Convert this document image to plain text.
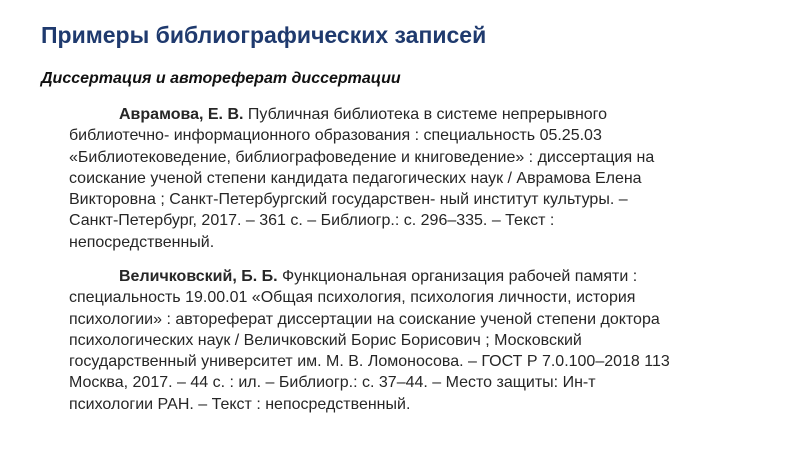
Примеры библиографических записей
Диссертация и автореферат диссертации
Аврамова, Е. В. Публичная библиотека в системе непрерывного
библиотечно- информационного образования : специальность 05.25.03
«Библиотековедение, библиографоведение и книговедение» : диссертация на
соискание ученой степени кандидата педагогических наук / Аврамова Елена
Викторовна ; Санкт-Петербургский государствен- ный институт культуры. –
Санкт-Петербург, 2017. – 361 с. – Библиогр.: с. 296–335. – Текст :
непосредственный.
Величковский, Б. Б. Функциональная организация рабочей памяти :
специальность 19.00.01 «Общая психология, психология личности, история
психологии» : автореферат диссертации на соискание ученой степени доктора
психологических наук / Величковский Борис Борисович ; Московский
государственный университет им. М. В. Ломоносова. – ГОСТ Р 7.0.100–2018 113
Москва, 2017. – 44 с. : ил. – Библиогр.: с. 37–44. – Место защиты: Ин-т
психологии РАН. – Текст : непосредственный.
